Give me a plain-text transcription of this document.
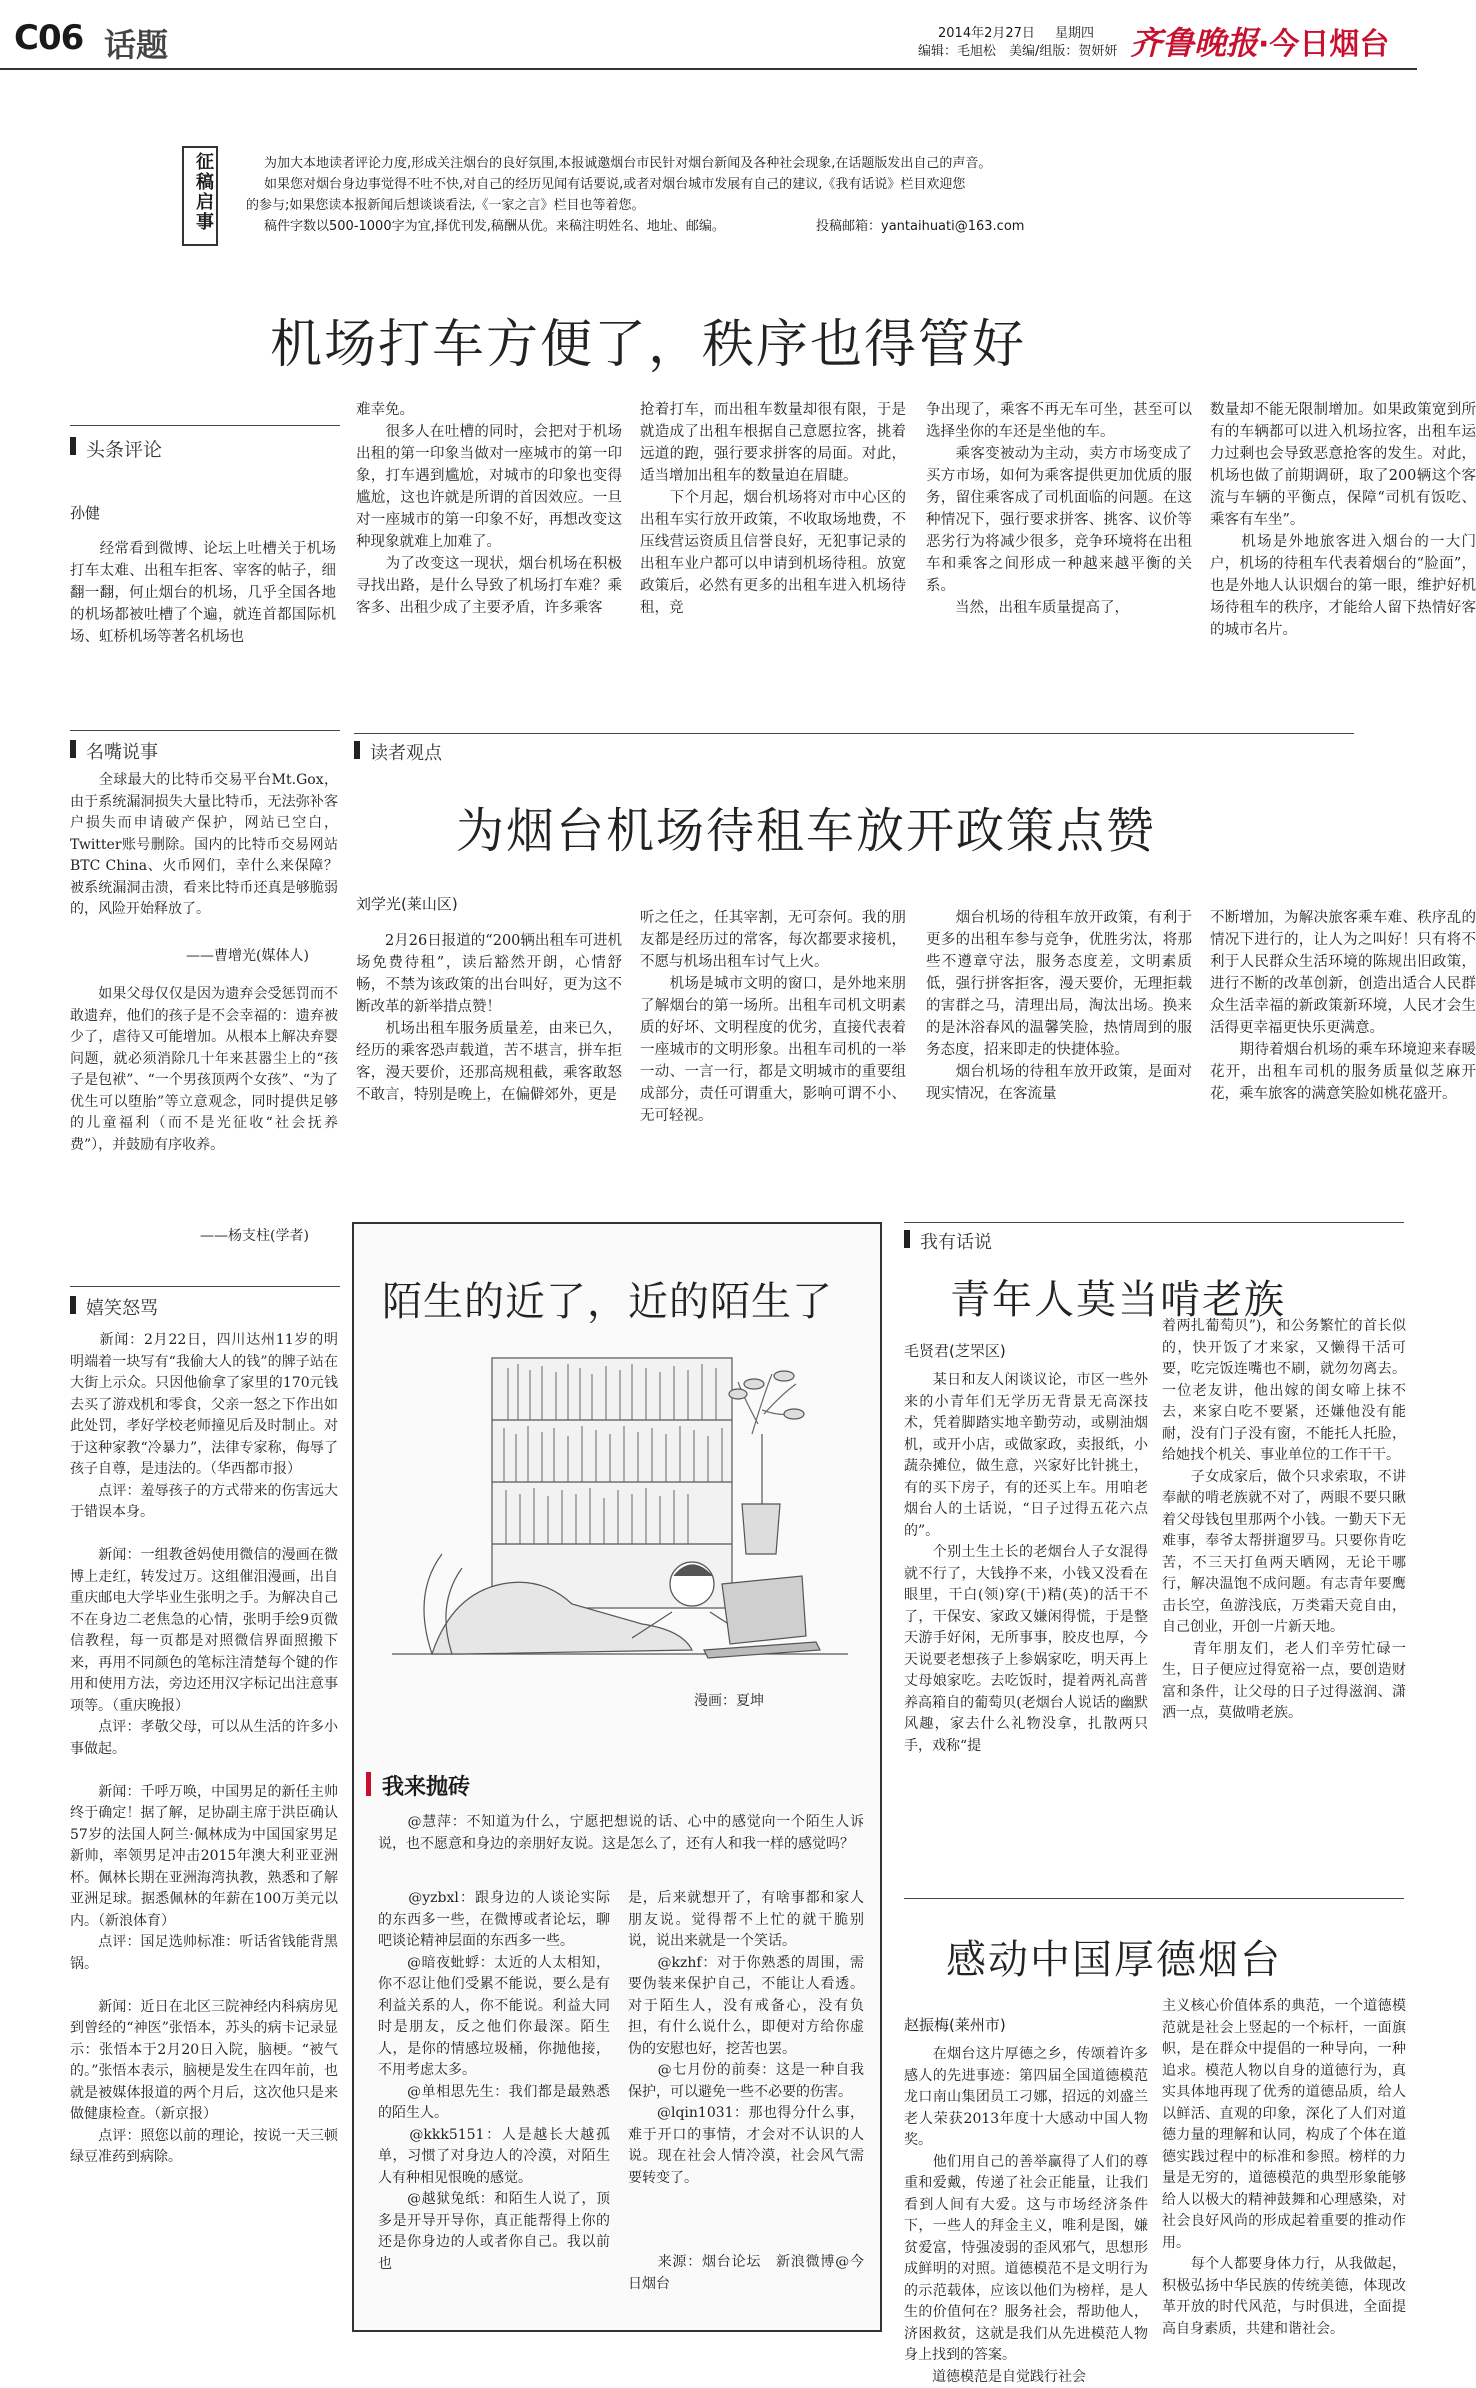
C06 话题	2014年2月27日 星期四
编辑：毛旭松　美编/组版：贺妍妍 齐鲁晚报·今日烟台
征稿启事	为加大本地读者评论力度,形成关注烟台的良好氛围,本报诚邀烟台市民针对烟台新闻及各种社会现象,在话题版发出自己的声音。
如果您对烟台身边事觉得不吐不快,对自己的经历见闻有话要说,或者对烟台城市发展有自己的建议,《我有话说》栏目欢迎您
的参与;如果您读本报新闻后想谈谈看法,《一家之言》栏目也等着您。
稿件字数以500-1000字为宜,择优刊发,稿酬从优。来稿注明姓名、地址、邮编。	投稿邮箱：yantaihuati@163.com
机场打车方便了，秩序也得管好
头条评论
孙健
　　经常看到微博、论坛上吐槽关于机场打车太难、出租车拒客、宰客的帖子，细翻一翻，何止烟台的机场，几乎全国各地的机场都被吐槽了个遍，就连首都国际机场、虹桥机场等著名机场也
难幸免。
　　很多人在吐槽的同时，会把对于机场出租的第一印象当做对一座城市的第一印象，打车遇到尴尬，对城市的印象也变得尴尬，这也许就是所谓的首因效应。一旦对一座城市的第一印象不好，再想改变这种现象就难上加难了。
　　为了改变这一现状，烟台机场在积极寻找出路，是什么导致了机场打车难？乘客多、出租少成了主要矛盾，许多乘客
抢着打车，而出租车数量却很有限，于是就造成了出租车根据自己意愿拉客，挑着远道的跑，强行要求拼客的局面。对此，适当增加出租车的数量迫在眉睫。
　　下个月起，烟台机场将对市中心区的出租车实行放开政策，不收取场地费，不压线营运资质且信誉良好，无犯事记录的出租车业户都可以申请到机场待租。放宽政策后，必然有更多的出租车进入机场待租，竞
争出现了，乘客不再无车可坐，甚至可以选择坐你的车还是坐他的车。
　　乘客变被动为主动，卖方市场变成了买方市场，如何为乘客提供更加优质的服务，留住乘客成了司机面临的问题。在这种情况下，强行要求拼客、挑客、议价等恶劣行为将减少很多，竞争环境将在出租车和乘客之间形成一种越来越平衡的关系。
　　当然，出租车质量提高了，
数量却不能无限制增加。如果政策宽到所有的车辆都可以进入机场拉客，出租车运力过剩也会导致恶意抢客的发生。对此，机场也做了前期调研，取了200辆这个客流与车辆的平衡点，保障“司机有饭吃、乘客有车坐”。
　　机场是外地旅客进入烟台的一大门户，机场的待租车代表着烟台的“脸面”，也是外地人认识烟台的第一眼，维护好机场待租车的秩序，才能给人留下热情好客的城市名片。
名嘴说事
　　全球最大的比特币交易平台Mt.Gox，由于系统漏洞损失大量比特币，无法弥补客户损失而申请破产保护，网站已空白，Twitter账号删除。国内的比特币交易网站BTC China、火币网们，幸什么来保障？被系统漏洞击溃，看来比特币还真是够脆弱的，风险开始释放了。
——曹增光(媒体人)
　　如果父母仅仅是因为遗弃会受惩罚而不敢遗弃，他们的孩子是不会幸福的：遗弃被少了，虐待又可能增加。从根本上解决弃婴问题，就必须消除几十年来甚嚣尘上的“孩子是包袱”、“一个男孩顶两个女孩”、“为了优生可以堕胎”等立意观念，同时提供足够的儿童福利（而不是光征收“社会抚养费”），并鼓励有序收养。
——杨支柱(学者)
嬉笑怒骂
　　新闻：2月22日，四川达州11岁的明明端着一块写有“我偷大人的钱”的牌子站在大街上示众。只因他偷拿了家里的170元钱去买了游戏机和零食，父亲一怒之下作出如此处罚，孝好学校老师撞见后及时制止。对于这种家教“冷暴力”，法律专家称，侮辱了孩子自尊，是违法的。（华西都市报）
　　点评：羞辱孩子的方式带来的伤害远大于错误本身。

　　新闻：一组教爸妈使用微信的漫画在微博上走红，转发过万。这组催泪漫画，出自重庆邮电大学毕业生张明之手。为解决自己不在身边二老焦急的心情，张明手绘9页微信教程，每一页都是对照微信界面照搬下来，再用不同颜色的笔标注清楚每个键的作用和使用方法，旁边还用汉字标记出注意事项等。（重庆晚报）
　　点评：孝敬父母，可以从生活的许多小事做起。

　　新闻：千呼万唤，中国男足的新任主帅终于确定！据了解，足协副主席于洪臣确认57岁的法国人阿兰·佩林成为中国国家男足新帅，率领男足冲击2015年澳大利亚亚洲杯。佩林长期在亚洲海湾执教，熟悉和了解亚洲足球。据悉佩林的年薪在100万美元以内。（新浪体育）
　　点评：国足选帅标准：听话省钱能背黑锅。

　　新闻：近日在北区三院神经内科病房见到曾经的“神医”张悟本，苏头的病卡记录显示：张悟本于2月20日入院，脑梗。“被气的。”张悟本表示，脑梗是发生在四年前，也就是被媒体报道的两个月后，这次他只是来做健康检查。（新京报）
　　点评：照您以前的理论，按说一天三顿绿豆准药到病除。
读者观点
为烟台机场待租车放开政策点赞
刘学光(莱山区)
　　2月26日报道的“200辆出租车可进机场免费待租”，读后豁然开朗，心情舒畅，不禁为该政策的出台叫好，更为这不断改革的新举措点赞！
　　机场出租车服务质量差，由来已久，经历的乘客恐声载道，苦不堪言，拼车拒客，漫天要价，还那高规租截，乘客敢怒不敢言，特别是晚上，在偏僻郊外，更是
听之任之，任其宰割，无可奈何。我的朋友都是经历过的常客，每次都要求接机，不愿与机场出租车讨气上火。
　　机场是城市文明的窗口，是外地来朋了解烟台的第一场所。出租车司机文明素质的好坏、文明程度的优劣，直接代表着一座城市的文明形象。出租车司机的一举一动、一言一行，都是文明城市的重要组成部分，责任可谓重大，影响可谓不小、无可轻视。
　　烟台机场的待租车放开政策，有利于更多的出租车参与竞争，优胜劣汰，将那些不遵章守法，服务态度差，文明素质低，强行拼客拒客，漫天要价，无理拒载的害群之马，清理出局，淘汰出场。换来的是沐浴春风的温馨笑脸，热情周到的服务态度，招来即走的快捷体验。
　　烟台机场的待租车放开政策，是面对现实情况，在客流量
不断增加，为解决旅客乘车难、秩序乱的情况下进行的，让人为之叫好！只有将不利于人民群众生活环境的陈规出旧政策，进行不断的改革创新，创造出适合人民群众生活幸福的新政策新环境，人民才会生活得更幸福更快乐更满意。
　　期待着烟台机场的乘车环境迎来春暖花开，出租车司机的服务质量似芝麻开花，乘车旅客的满意笑脸如桃花盛开。
陌生的近了，近的陌生了
漫画：夏坤
我来抛砖
　　@慧萍：不知道为什么，宁愿把想说的话、心中的感觉向一个陌生人诉说，也不愿意和身边的亲朋好友说。这是怎么了，还有人和我一样的感觉吗？
　　@yzbxl：跟身边的人谈论实际的东西多一些，在微博或者论坛，聊吧谈论精神层面的东西多一些。
　　@暗夜蚍蜉：太近的人太相知，你不忍让他们受累不能说，要么是有利益关系的人，你不能说。利益大同时是朋友，反之他们你最深。陌生人，是你的情感垃圾桶，你抛他接，不用考虑太多。
　　@单相思先生：我们都是最熟悉的陌生人。
　　@kkk5151：人是越长大越孤单，习惯了对身边人的冷漠，对陌生人有种相见恨晚的感觉。
　　@越狱兔纸：和陌生人说了，顶多是开导开导你，真正能帮得上你的还是你身边的人或者你自己。我以前也
是，后来就想开了，有啥事都和家人朋友说。觉得帮不上忙的就干脆别说，说出来就是一个笑话。
　　@kzhf：对于你熟悉的周围，需要伪装来保护自己，不能让人看透。对于陌生人，没有戒备心，没有负担，有什么说什么，即便对方给你虚伪的安慰也好，挖苦也罢。
　　@七月份的前奏：这是一种自我保护，可以避免一些不必要的伤害。
　　@lqin1031：那也得分什么事，难于开口的事情，才会对不认识的人说。现在社会人情冷漠，社会风气需要转变了。
　　来源：烟台论坛　新浪微博@今日烟台
我有话说
青年人莫当啃老族
毛贤君(芝罘区)
　　某日和友人闲谈议论，市区一些外来的小青年们无学历无背景无高深技术，凭着脚踏实地辛勤劳动，或剔油烟机，或开小店，或做家政，卖报纸，小蔬杂摊位，做生意，兴家好比针挑土，有的买下房子，有的还买上车。用咱老烟台人的土话说，“日子过得五花六点的”。
　　个别土生土长的老烟台人子女混得就不行了，大钱挣不来，小钱又没看在眼里，干白(领)穿(干)精(英)的活干不了，干保安、家政又嫌闲得慌，于是整天游手好闲，无所事事，胶皮也厚，今天说要老想孩子上参娲家吃，明天再上丈母娘家吃。去吃饭时，提着两礼高普养高箱自的葡萄贝(老烟台人说话的幽默风趣，家去什么礼物没拿，扎散两只手，戏称“提
着两扎葡萄贝”)，和公务繁忙的首长似的，快开饭了才来家，又懒得干活可要，吃完饭连嘴也不刷，就勿勿离去。一位老友讲，他出嫁的闺女啼上抹不去，来家白吃不要紧，还嫌他没有能耐，没有门子没有窗，不能托人托脸，给她找个机关、事业单位的工作干干。
　　子女成家后，做个只求索取，不讲奉献的啃老族就不对了，两眼不要只瞅着父母钱包里那两个小钱。一勤天下无难事，奉爷太帮拼遛罗马。只要你肯吃苦，不三天打鱼两天晒网，无论干哪行，解决温饱不成问题。有志青年要鹰击长空，鱼游浅底，万类霜天竞自由，自己创业，开创一片新天地。
　　青年朋友们，老人们辛劳忙碌一生，日子便应过得宽裕一点，要创造财富和条件，让父母的日子过得滋润、潇洒一点，莫做啃老族。
感动中国厚德烟台
赵振梅(莱州市)
　　在烟台这片厚德之乡，传颂着许多感人的先进事迹：第四届全国道德模范龙口南山集团员工刁娜，招远的刘盛兰老人荣获2013年度十大感动中国人物奖。
　　他们用自己的善举赢得了人们的尊重和爱戴，传递了社会正能量，让我们看到人间有大爱。这与市场经济条件下，一些人的拜金主义，唯利是图，嫌贫爱富，恃强凌弱的歪风邪气，思想形成鲜明的对照。道德模范不是文明行为的示范载体，应该以他们为榜样，是人生的价值何在？服务社会，帮助他人，济困救贫，这就是我们从先进模范人物身上找到的答案。
　　道德模范是自觉践行社会
主义核心价值体系的典范，一个道德模范就是社会上竖起的一个标杆，一面旗帜，是在群众中提倡的一种导向，一种追求。模范人物以自身的道德行为，真实具体地再现了优秀的道德品质，给人以鲜活、直观的印象，深化了人们对道德力量的理解和认同，构成了个体在道德实践过程中的标准和参照。榜样的力量是无穷的，道德模范的典型形象能够给人以极大的精神鼓舞和心理感染，对社会良好风尚的形成起着重要的推动作用。
　　每个人都要身体力行，从我做起，积极弘扬中华民族的传统美德，体现改革开放的时代风范，与时俱进，全面提高自身素质，共建和谐社会。
